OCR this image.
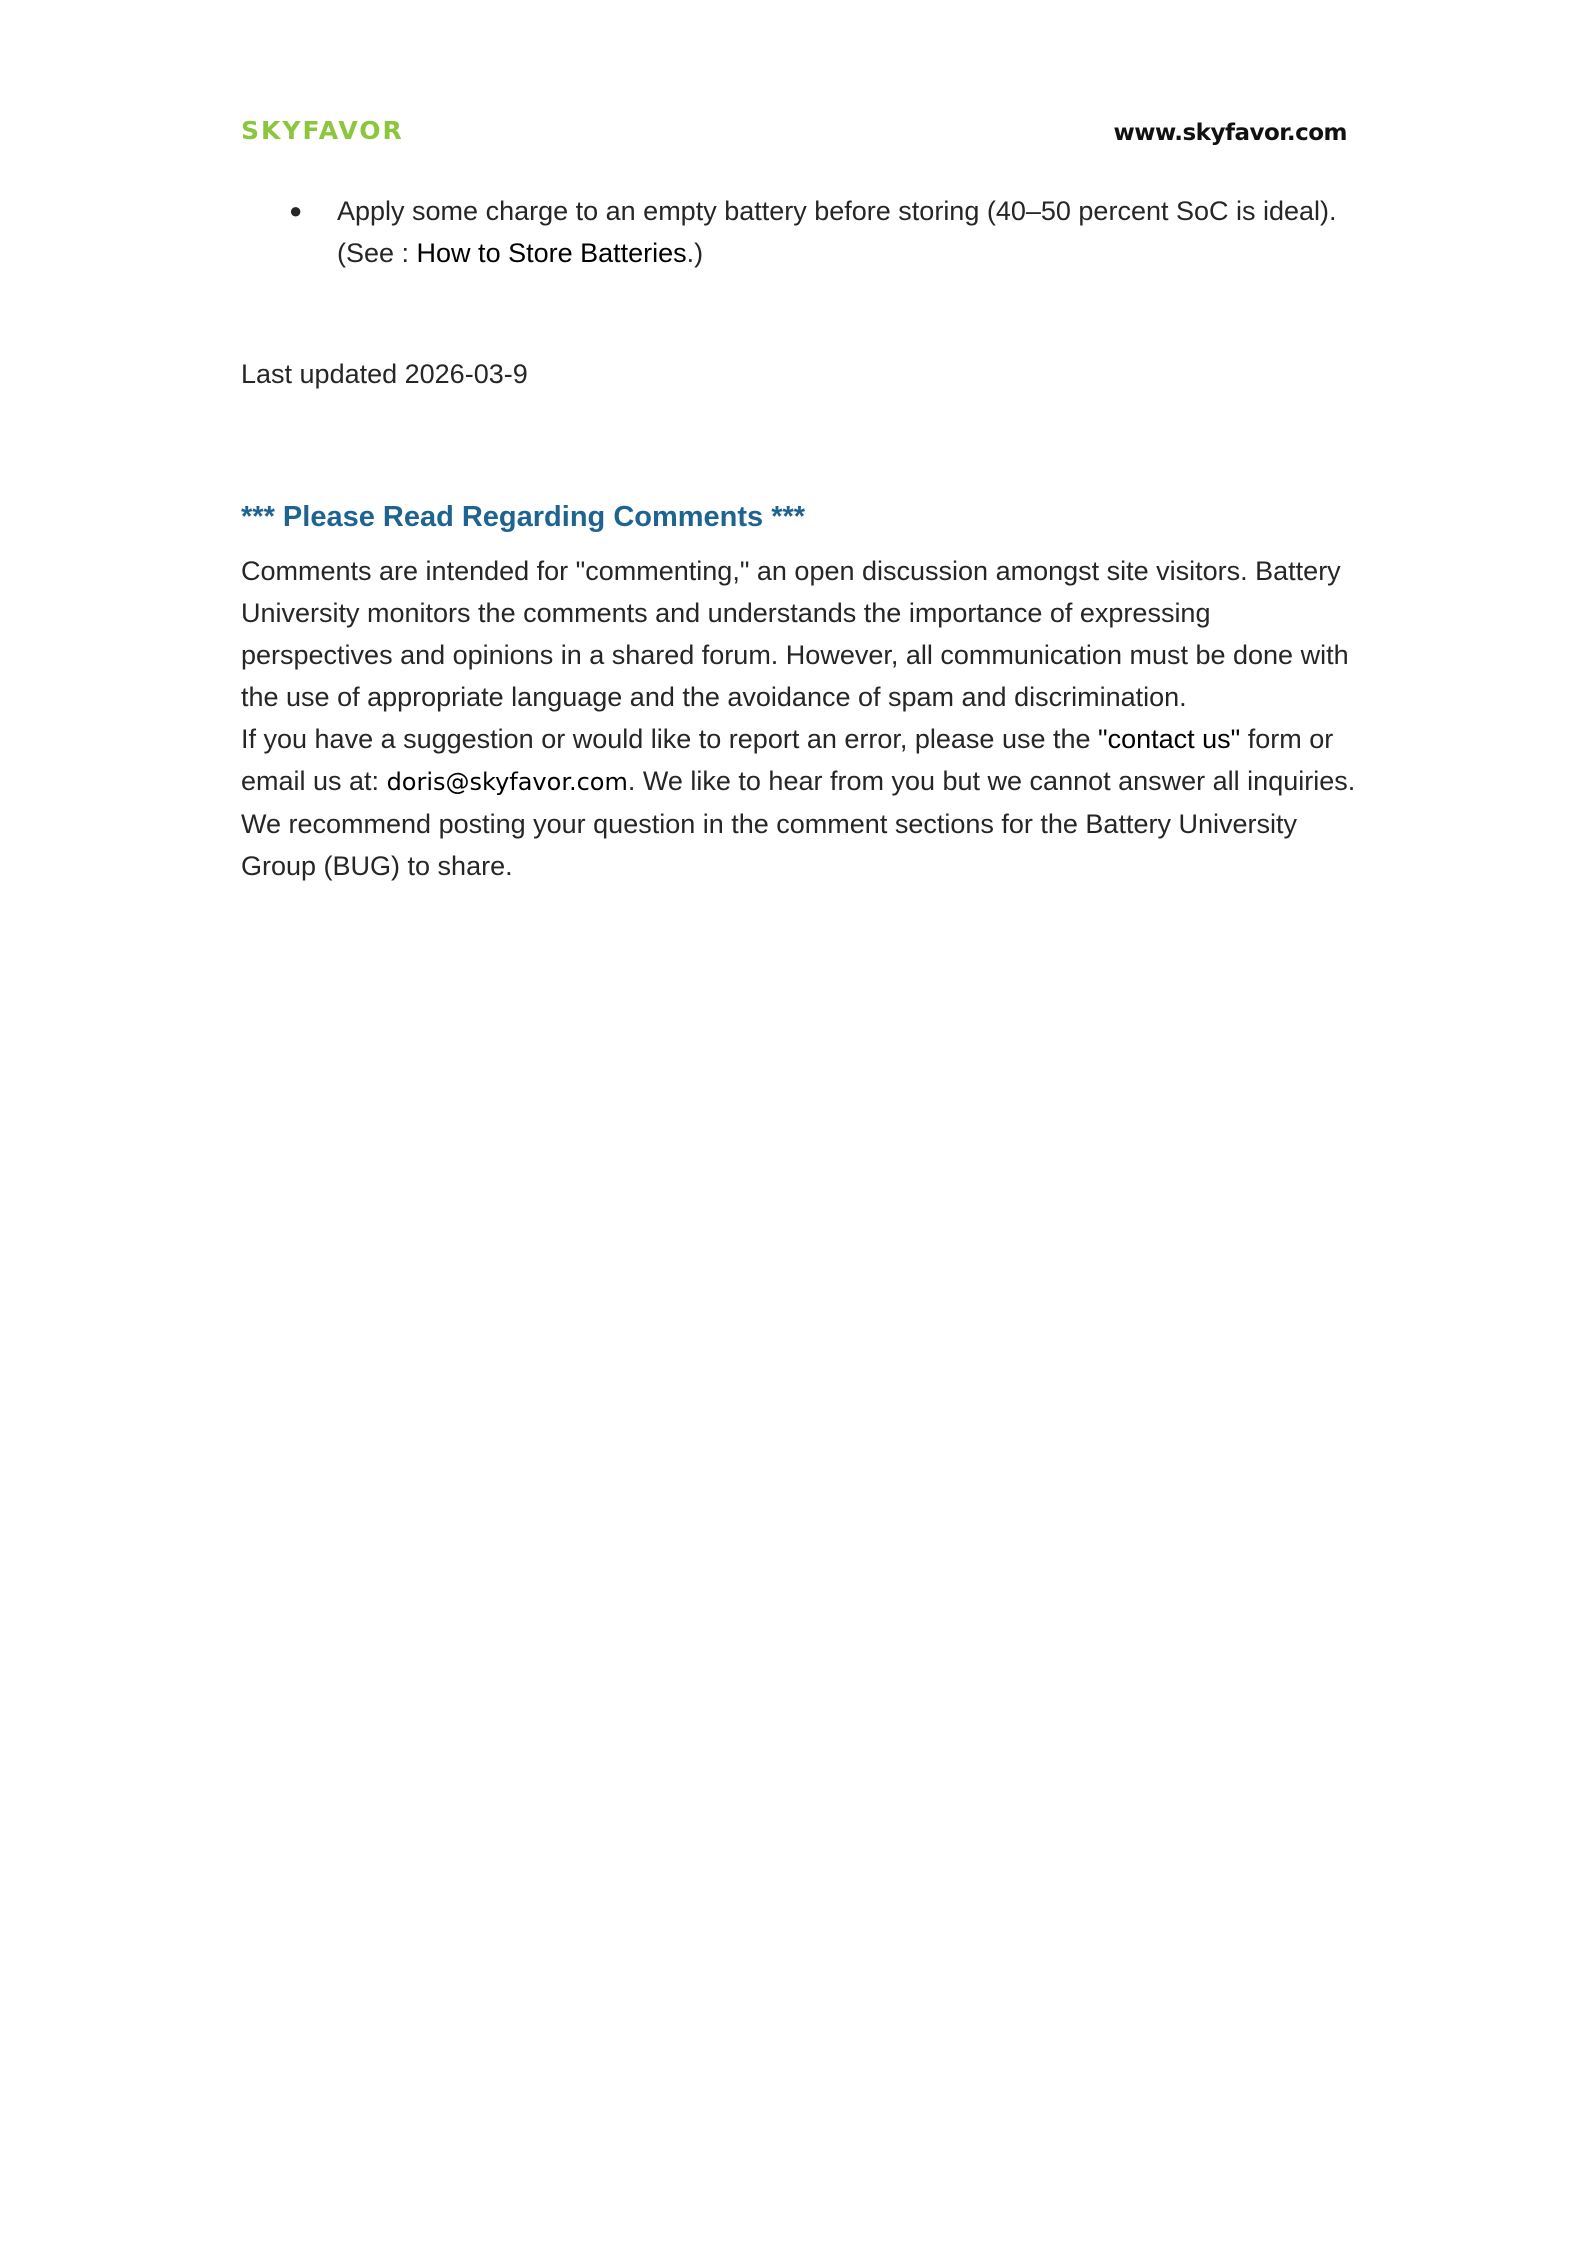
SKYFAVOR	www.skyfavor.com
● Apply some charge to an empty battery before storing (40–50 percent SoC is ideal).
(See : How to Store Batteries.)
Last updated 2026-03-9
*** Please Read Regarding Comments ***
Comments are intended for "commenting," an open discussion amongst site visitors. Battery University monitors the comments and understands the importance of expressing perspectives and opinions in a shared forum. However, all communication must be done with the use of appropriate language and the avoidance of spam and discrimination.
If you have a suggestion or would like to report an error, please use the "contact us" form or email us at: doris@skyfavor.com. We like to hear from you but we cannot answer all inquiries. We recommend posting your question in the comment sections for the Battery University Group (BUG) to share.
